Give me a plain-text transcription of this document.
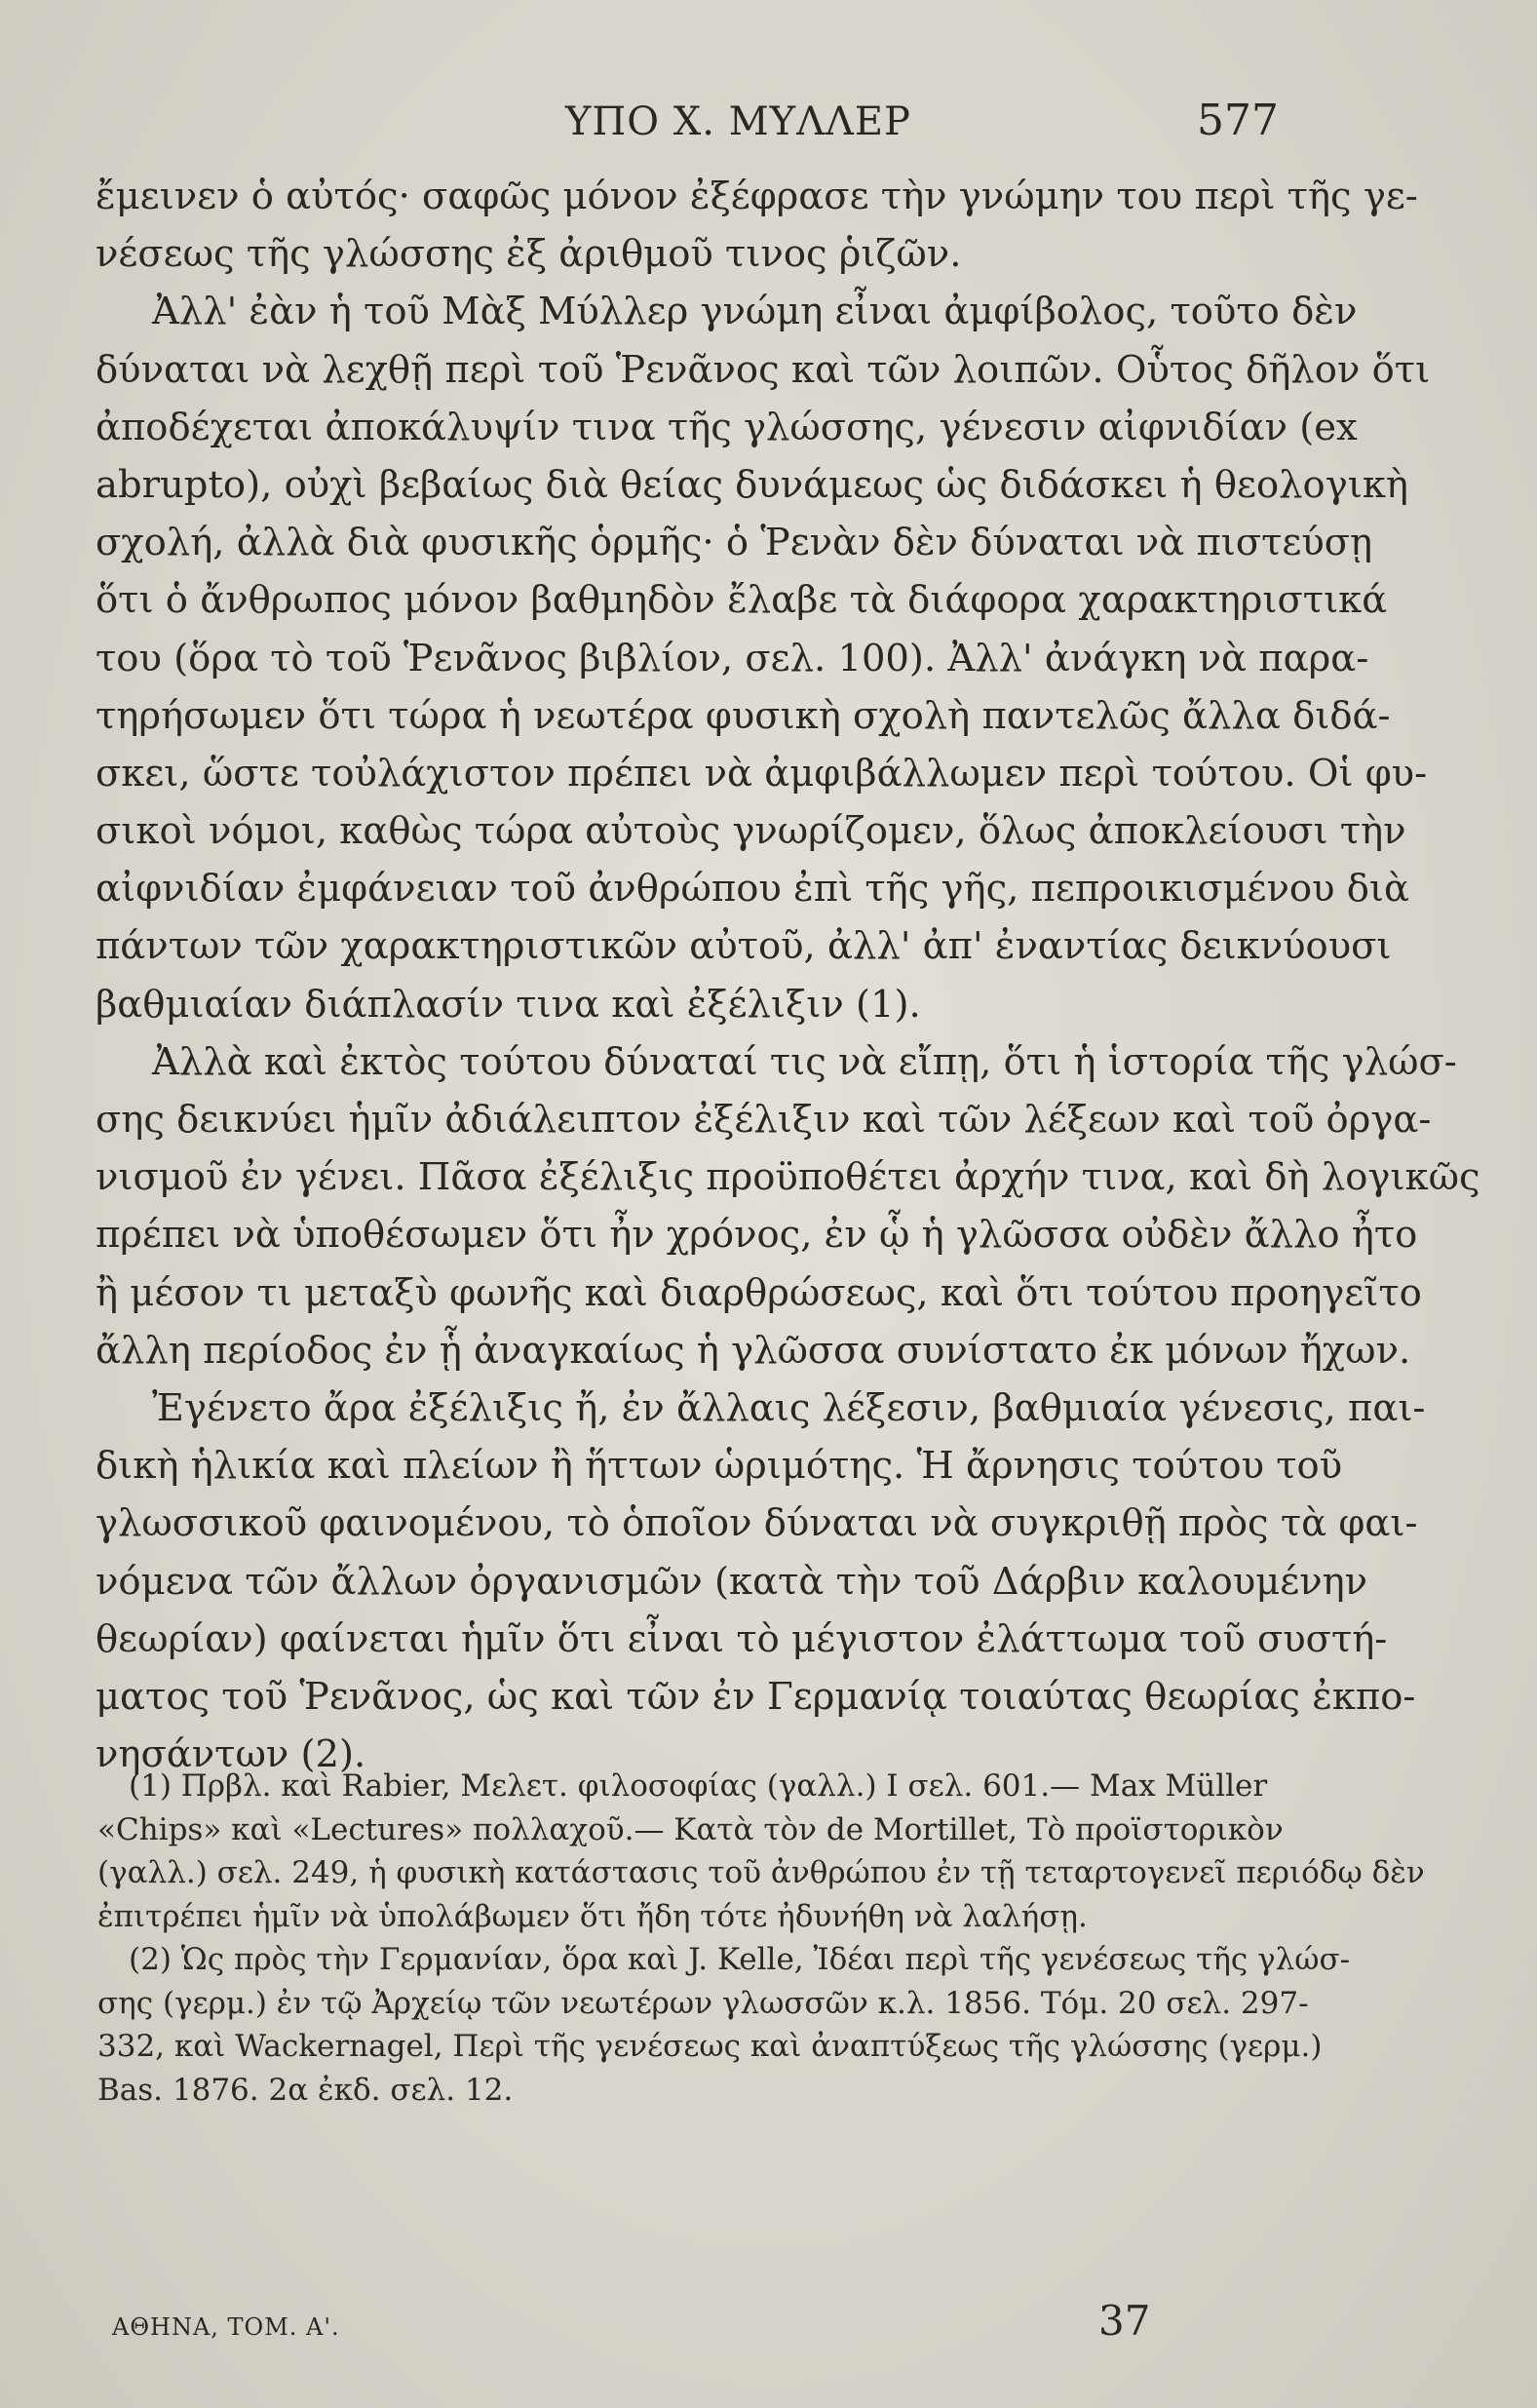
ΥΠΟ Χ. ΜΥΛΛΕΡ	577
ἔμεινεν ὁ αὐτός· σαφῶς μόνον ἐξέφρασε τὴν γνώμην του περὶ τῆς γε-
νέσεως τῆς γλώσσης ἐξ ἀριθμοῦ τινος ῥιζῶν.
Ἀλλ' ἐὰν ἡ τοῦ Μὰξ Μύλλερ γνώμη εἶναι ἀμφίβολος, τοῦτο δὲν
δύναται νὰ λεχθῇ περὶ τοῦ Ῥενᾶνος καὶ τῶν λοιπῶν. Οὗτος δῆλον ὅτι
ἀποδέχεται ἀποκάλυψίν τινα τῆς γλώσσης, γένεσιν αἰφνιδίαν (ex
abrupto), οὐχὶ βεβαίως διὰ θείας δυνάμεως ὡς διδάσκει ἡ θεολογικὴ
σχολή, ἀλλὰ διὰ φυσικῆς ὁρμῆς· ὁ Ῥενὰν δὲν δύναται νὰ πιστεύσῃ
ὅτι ὁ ἄνθρωπος μόνον βαθμηδὸν ἔλαβε τὰ διάφορα χαρακτηριστικά
του (ὅρα τὸ τοῦ Ῥενᾶνος βιβλίον, σελ. 100). Ἀλλ' ἀνάγκη νὰ παρα-
τηρήσωμεν ὅτι τώρα ἡ νεωτέρα φυσικὴ σχολὴ παντελῶς ἄλλα διδά-
σκει, ὥστε τοὐλάχιστον πρέπει νὰ ἀμφιβάλλωμεν περὶ τούτου. Οἱ φυ-
σικοὶ νόμοι, καθὼς τώρα αὐτοὺς γνωρίζομεν, ὅλως ἀποκλείουσι τὴν
αἰφνιδίαν ἐμφάνειαν τοῦ ἀνθρώπου ἐπὶ τῆς γῆς, πεπροικισμένου διὰ
πάντων τῶν χαρακτηριστικῶν αὐτοῦ, ἀλλ' ἀπ' ἐναντίας δεικνύουσι
βαθμιαίαν διάπλασίν τινα καὶ ἐξέλιξιν (1).
Ἀλλὰ καὶ ἐκτὸς τούτου δύναταί τις νὰ εἴπῃ, ὅτι ἡ ἱστορία τῆς γλώσ-
σης δεικνύει ἡμῖν ἀδιάλειπτον ἐξέλιξιν καὶ τῶν λέξεων καὶ τοῦ ὀργα-
νισμοῦ ἐν γένει. Πᾶσα ἐξέλιξις προϋποθέτει ἀρχήν τινα, καὶ δὴ λογικῶς
πρέπει νὰ ὑποθέσωμεν ὅτι ἦν χρόνος, ἐν ᾧ ἡ γλῶσσα οὐδὲν ἄλλο ἦτο
ἢ μέσον τι μεταξὺ φωνῆς καὶ διαρθρώσεως, καὶ ὅτι τούτου προηγεῖτο
ἄλλη περίοδος ἐν ᾗ ἀναγκαίως ἡ γλῶσσα συνίστατο ἐκ μόνων ἤχων.
Ἐγένετο ἄρα ἐξέλιξις ἤ, ἐν ἄλλαις λέξεσιν, βαθμιαία γένεσις, παι-
δικὴ ἡλικία καὶ πλείων ἢ ἥττων ὡριμότης. Ἡ ἄρνησις τούτου τοῦ
γλωσσικοῦ φαινομένου, τὸ ὁποῖον δύναται νὰ συγκριθῇ πρὸς τὰ φαι-
νόμενα τῶν ἄλλων ὀργανισμῶν (κατὰ τὴν τοῦ Δάρβιν καλουμένην
θεωρίαν) φαίνεται ἡμῖν ὅτι εἶναι τὸ μέγιστον ἐλάττωμα τοῦ συστή-
ματος τοῦ Ῥενᾶνος, ὡς καὶ τῶν ἐν Γερμανίᾳ τοιαύτας θεωρίας ἐκπο-
νησάντων (2).
(1) Πρβλ. καὶ Rabier, Μελετ. φιλοσοφίας (γαλλ.) I σελ. 601.— Max Müller
«Chips» καὶ «Lectures» πολλαχοῦ.— Κατὰ τὸν de Mortillet, Τὸ προϊστορικὸν
(γαλλ.) σελ. 249, ἡ φυσικὴ κατάστασις τοῦ ἀνθρώπου ἐν τῇ τεταρτογενεῖ περιόδῳ δὲν
ἐπιτρέπει ἡμῖν νὰ ὑπολάβωμεν ὅτι ἤδη τότε ἠδυνήθη νὰ λαλήσῃ.
(2) Ὡς πρὸς τὴν Γερμανίαν, ὅρα καὶ J. Kelle, Ἰδέαι περὶ τῆς γενέσεως τῆς γλώσ-
σης (γερμ.) ἐν τῷ Ἀρχείῳ τῶν νεωτέρων γλωσσῶν κ.λ. 1856. Τόμ. 20 σελ. 297-
332, καὶ Wackernagel, Περὶ τῆς γενέσεως καὶ ἀναπτύξεως τῆς γλώσσης (γερμ.)
Bas. 1876. 2α ἐκδ. σελ. 12.
ΑΘΗΝΑ, ΤΟΜ. Α'.	37
